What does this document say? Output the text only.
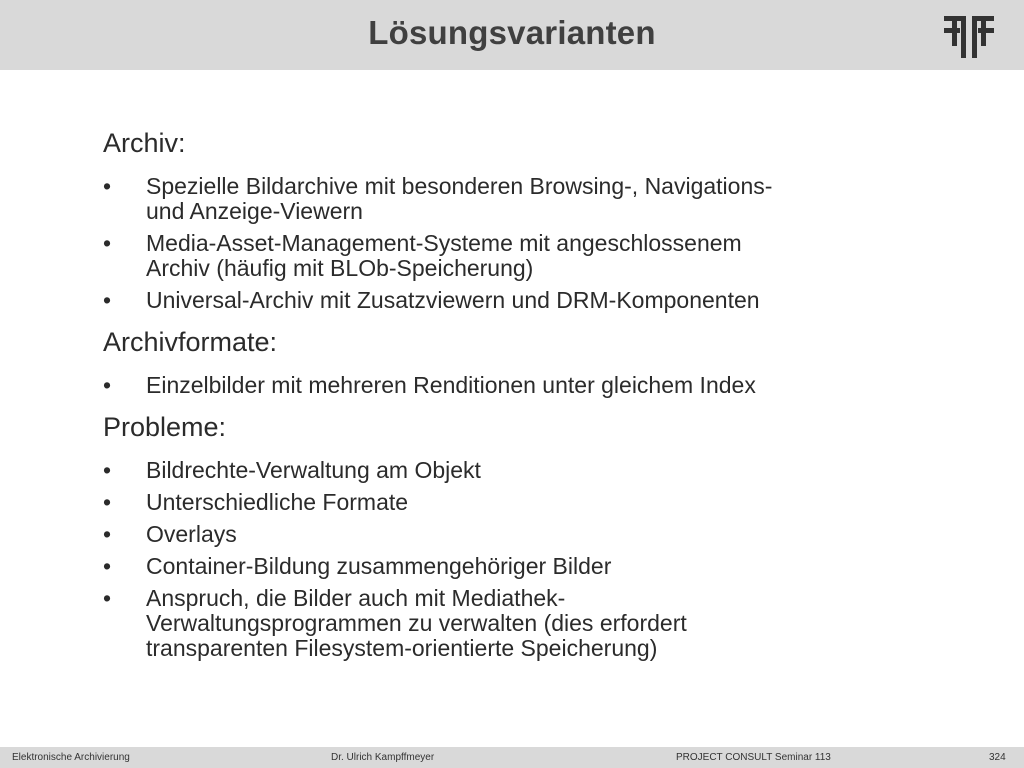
Lösungsvarianten
Archiv:
• Spezielle Bildarchive mit besonderen Browsing-, Navigations-
und Anzeige-Viewern
• Media-Asset-Management-Systeme mit angeschlossenem
Archiv (häufig mit BLOb-Speicherung)
• Universal-Archiv mit Zusatzviewern und DRM-Komponenten
Archivformate:
• Einzelbilder mit mehreren Renditionen unter gleichem Index
Probleme:
• Bildrechte-Verwaltung am Objekt
• Unterschiedliche Formate
• Overlays
• Container-Bildung zusammengehöriger Bilder
• Anspruch, die Bilder auch mit Mediathek-
Verwaltungsprogrammen zu verwalten (dies erfordert
transparenten Filesystem-orientierte Speicherung)
Elektronische Archivierung	Dr. Ulrich Kampffmeyer	PROJECT CONSULT Seminar 113	324
